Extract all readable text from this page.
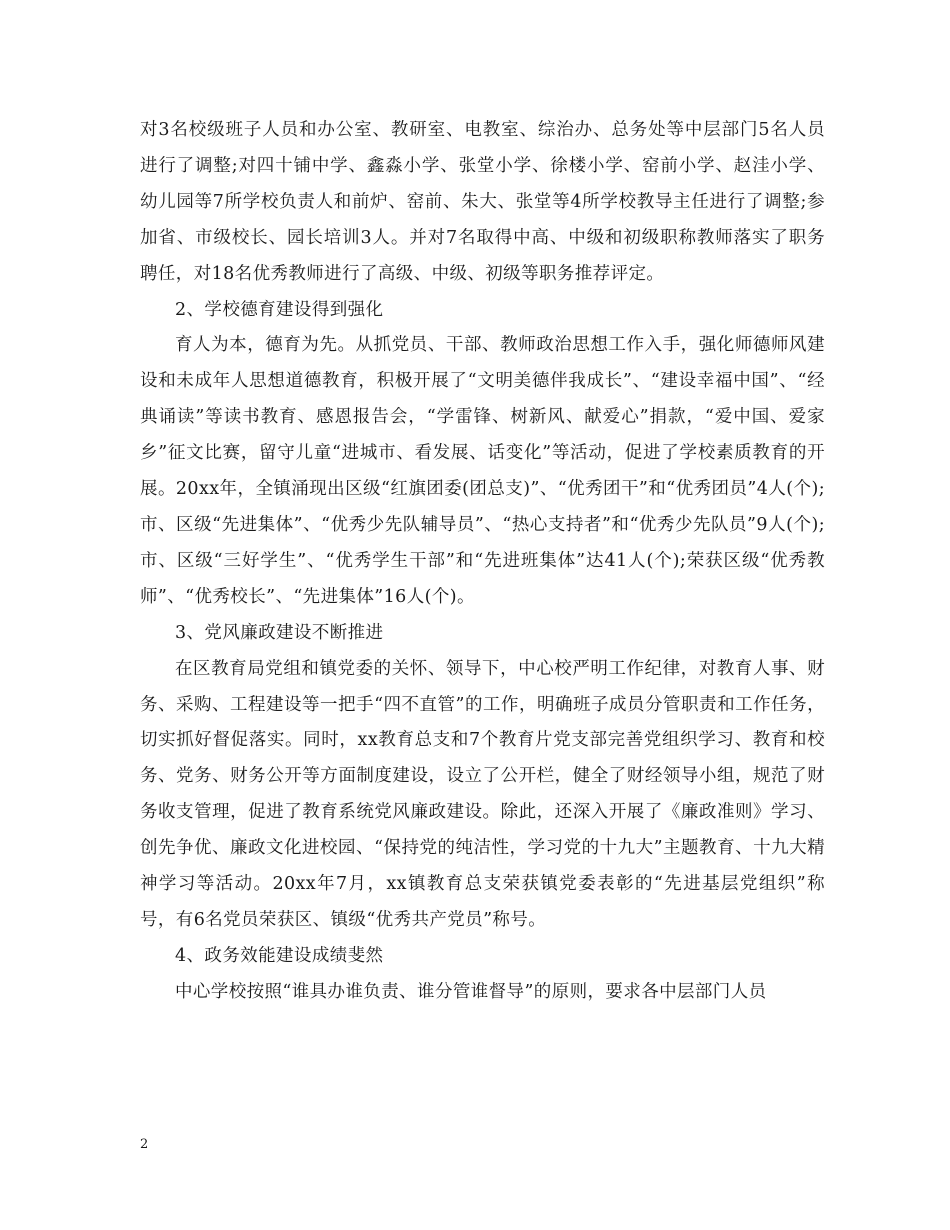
对3名校级班子人员和办公室、教研室、电教室、综治办、总务处等中层部门5名人员进行了调整;对四十铺中学、鑫淼小学、张堂小学、徐楼小学、窑前小学、赵洼小学、幼儿园等7所学校负责人和前炉、窑前、朱大、张堂等4所学校教导主任进行了调整;参加省、市级校长、园长培训3人。并对7名取得中高、中级和初级职称教师落实了职务聘任，对18名优秀教师进行了高级、中级、初级等职务推荐评定。

2、学校德育建设得到强化

育人为本，德育为先。从抓党员、干部、教师政治思想工作入手，强化师德师风建设和未成年人思想道德教育，积极开展了“文明美德伴我成长”、“建设幸福中国”、“经典诵读”等读书教育、感恩报告会，“学雷锋、树新风、献爱心”捐款，“爱中国、爱家乡”征文比赛，留守儿童“进城市、看发展、话变化”等活动，促进了学校素质教育的开展。20xx年，全镇涌现出区级“红旗团委(团总支)”、“优秀团干”和“优秀团员”4人(个);市、区级“先进集体”、“优秀少先队辅导员”、“热心支持者”和“优秀少先队员”9人(个);市、区级“三好学生”、“优秀学生干部”和“先进班集体”达41人(个);荣获区级“优秀教师”、“优秀校长”、“先进集体”16人(个)。

3、党风廉政建设不断推进

在区教育局党组和镇党委的关怀、领导下，中心校严明工作纪律，对教育人事、财务、采购、工程建设等一把手“四不直管”的工作，明确班子成员分管职责和工作任务，切实抓好督促落实。同时，xx教育总支和7个教育片党支部完善党组织学习、教育和校务、党务、财务公开等方面制度建设，设立了公开栏，健全了财经领导小组，规范了财务收支管理，促进了教育系统党风廉政建设。除此，还深入开展了《廉政准则》学习、创先争优、廉政文化进校园、“保持党的纯洁性，学习党的十九大”主题教育、十九大精神学习等活动。20xx年7月，xx镇教育总支荣获镇党委表彰的“先进基层党组织”称号，有6名党员荣获区、镇级“优秀共产党员”称号。

4、政务效能建设成绩斐然

中心学校按照“谁具办谁负责、谁分管谁督导”的原则，要求各中层部门人员

2
